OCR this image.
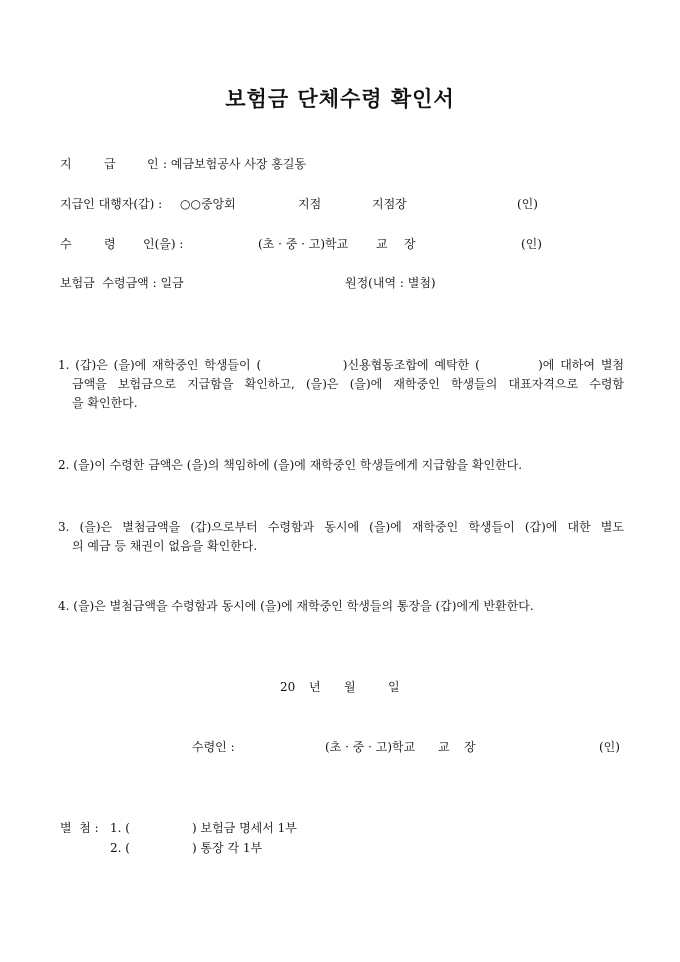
보험금 단체수령 확인서
지	급	인 : 예금보험공사 사장 홍길동
지급인 대행자(갑) : ○○중앙회	지점	지점장	(인)
수	령 인(을) :	(초 · 중 · 고)학교 교 장	(인)
보험금  수령금액 : 일금	원정(내역 : 별첨)
1. (갑)은 (을)에 재학중인 학생들이 (              )신용협동조합에 예탁한 (          )에 대하여 별첨
금액을 보험금으로 지급함을 확인하고, (을)은 (을)에 재학중인 학생들의 대표자격으로 수령함
을 확인한다.
2. (을)이 수령한 금액은 (을)의 책임하에 (을)에 재학중인 학생들에게 지급함을 확인한다.
3. (을)은 별첨금액을 (갑)으로부터 수령함과 동시에 (을)에 재학중인 학생들이 (갑)에 대한 별도
의 예금 등 채권이 없음을 확인한다.
4. (을)은 별첨금액을 수령함과 동시에 (을)에 재학중인 학생들의 통장을 (갑)에게 반환한다.
20 년 월	일
수령인 :	(초 · 중 · 고)학교 교 장	(인)
별  첨 : 1. (	) 보험금 명세서 1부
2. (	) 통장 각 1부
